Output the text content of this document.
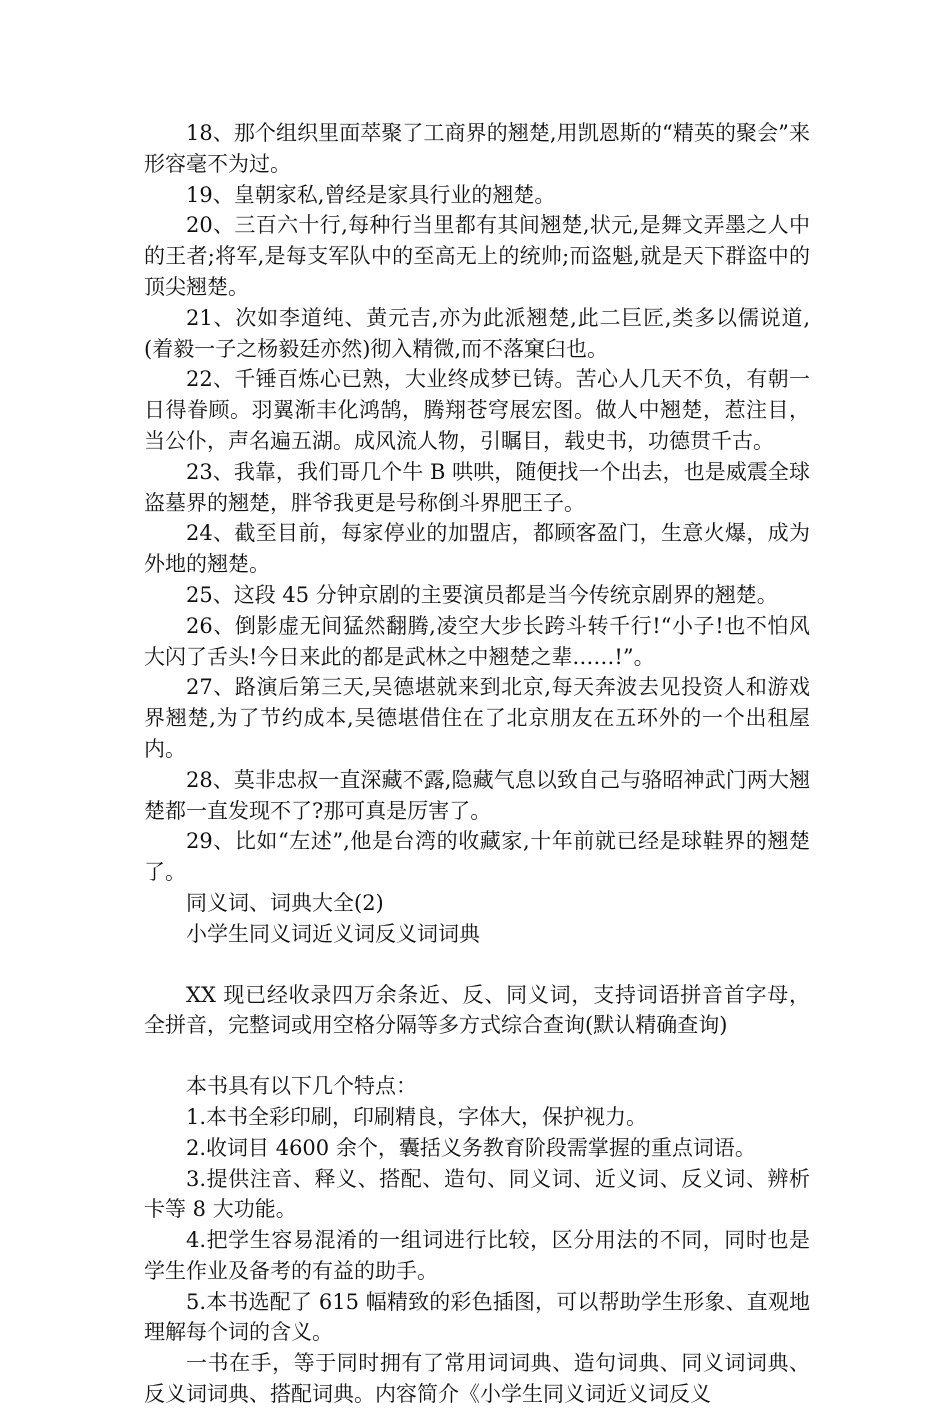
18、那个组织里面萃聚了工商界的翘楚,用凯恩斯的“精英的聚会”来形容毫不为过。

19、皇朝家私,曾经是家具行业的翘楚。

20、三百六十行,每种行当里都有其间翘楚,状元,是舞文弄墨之人中的王者;将军,是每支军队中的至高无上的统帅;而盗魁,就是天下群盗中的顶尖翘楚。

21、次如李道纯、黄元吉,亦为此派翘楚,此二巨匠,类多以儒说道,(着毅一子之杨毅廷亦然)彻入精微,而不落窠臼也。

22、千锤百炼心已熟，大业终成梦已铸。苦心人几天不负，有朝一日得眷顾。羽翼渐丰化鸿鹄，腾翔苍穹展宏图。做人中翘楚，惹注目，当公仆，声名遍五湖。成风流人物，引瞩目，载史书，功德贯千古。

23、我靠，我们哥几个牛 B 哄哄，随便找一个出去，也是威震全球盗墓界的翘楚，胖爷我更是号称倒斗界肥王子。

24、截至目前，每家停业的加盟店，都顾客盈门，生意火爆，成为外地的翘楚。

25、这段 45 分钟京剧的主要演员都是当今传统京剧界的翘楚。

26、倒影虚无间猛然翻腾,凌空大步长跨斗转千行!“小子!也不怕风大闪了舌头!今日来此的都是武林之中翘楚之辈……!”。

27、路演后第三天,吴德堪就来到北京,每天奔波去见投资人和游戏界翘楚,为了节约成本,吴德堪借住在了北京朋友在五环外的一个出租屋内。

28、莫非忠叔一直深藏不露,隐藏气息以致自己与骆昭神武门两大翘楚都一直发现不了?那可真是厉害了。

29、比如“左述”,他是台湾的收藏家,十年前就已经是球鞋界的翘楚了。

同义词、词典大全(2)

小学生同义词近义词反义词词典

XX 现已经收录四万余条近、反、同义词，支持词语拼音首字母，全拼音，完整词或用空格分隔等多方式综合查询(默认精确查询)

本书具有以下几个特点：

1.本书全彩印刷，印刷精良，字体大，保护视力。

2.收词目 4600 余个，囊括义务教育阶段需掌握的重点词语。

3.提供注音、释义、搭配、造句、同义词、近义词、反义词、辨析卡等 8 大功能。

4.把学生容易混淆的一组词进行比较，区分用法的不同，同时也是学生作业及备考的有益的助手。

5.本书选配了 615 幅精致的彩色插图，可以帮助学生形象、直观地理解每个词的含义。

一书在手，等于同时拥有了常用词词典、造句词典、同义词词典、反义词词典、搭配词典。内容简介《小学生同义词近义词反义
